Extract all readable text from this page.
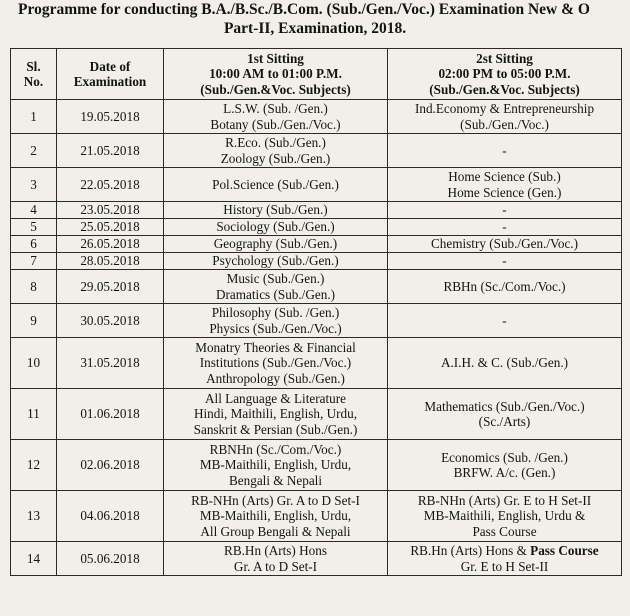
Programme for conducting B.A./B.Sc./B.Com. (Sub./Gen./Voc.) Examination New & O
Part-II, Examination, 2018.
Sl.
No.	Date of
Examination	1st Sitting
10:00 AM to 01:00 P.M.
(Sub./Gen.&Voc. Subjects)	2st Sitting
02:00 PM to 05:00 P.M.
(Sub./Gen.&Voc. Subjects)

1	19.05.2018	L.S.W. (Sub. /Gen.)
Botany (Sub./Gen./Voc.)	Ind.Economy & Entrepreneurship
(Sub./Gen./Voc.)

2	21.05.2018	R.Eco. (Sub./Gen.)
Zoology (Sub./Gen.)	-

3	22.05.2018	Pol.Science (Sub./Gen.)	Home Science (Sub.)
Home Science (Gen.)

4	23.05.2018	History (Sub./Gen.)	-

5	25.05.2018	Sociology (Sub./Gen.)	-

6	26.05.2018	Geography (Sub./Gen.)	Chemistry (Sub./Gen./Voc.)

7	28.05.2018	Psychology (Sub./Gen.)	-

8	29.05.2018	Music (Sub./Gen.)
Dramatics (Sub./Gen.)	RBHn (Sc./Com./Voc.)

9	30.05.2018	Philosophy (Sub. /Gen.)
Physics (Sub./Gen./Voc.)	-

10	31.05.2018	Monatry Theories & Financial
Institutions (Sub./Gen./Voc.)
Anthropology (Sub./Gen.)	A.I.H. & C. (Sub./Gen.)

11	01.06.2018	All Language & Literature
Hindi, Maithili, English, Urdu,
Sanskrit & Persian (Sub./Gen.)	Mathematics (Sub./Gen./Voc.)
(Sc./Arts)

12	02.06.2018	RBNHn (Sc./Com./Voc.)
MB-Maithili, English, Urdu,
Bengali & Nepali	Economics (Sub. /Gen.)
BRFW. A/c. (Gen.)

13	04.06.2018	RB-NHn (Arts) Gr. A to D Set-I
MB-Maithili, English, Urdu,
All Group Bengali & Nepali	RB-NHn (Arts) Gr. E to H Set-II
MB-Maithili, English, Urdu &
Pass Course

14	05.06.2018	RB.Hn (Arts) Hons
Gr. A to D Set-I	RB.Hn (Arts) Hons & Pass Course
Gr. E to H Set-II
